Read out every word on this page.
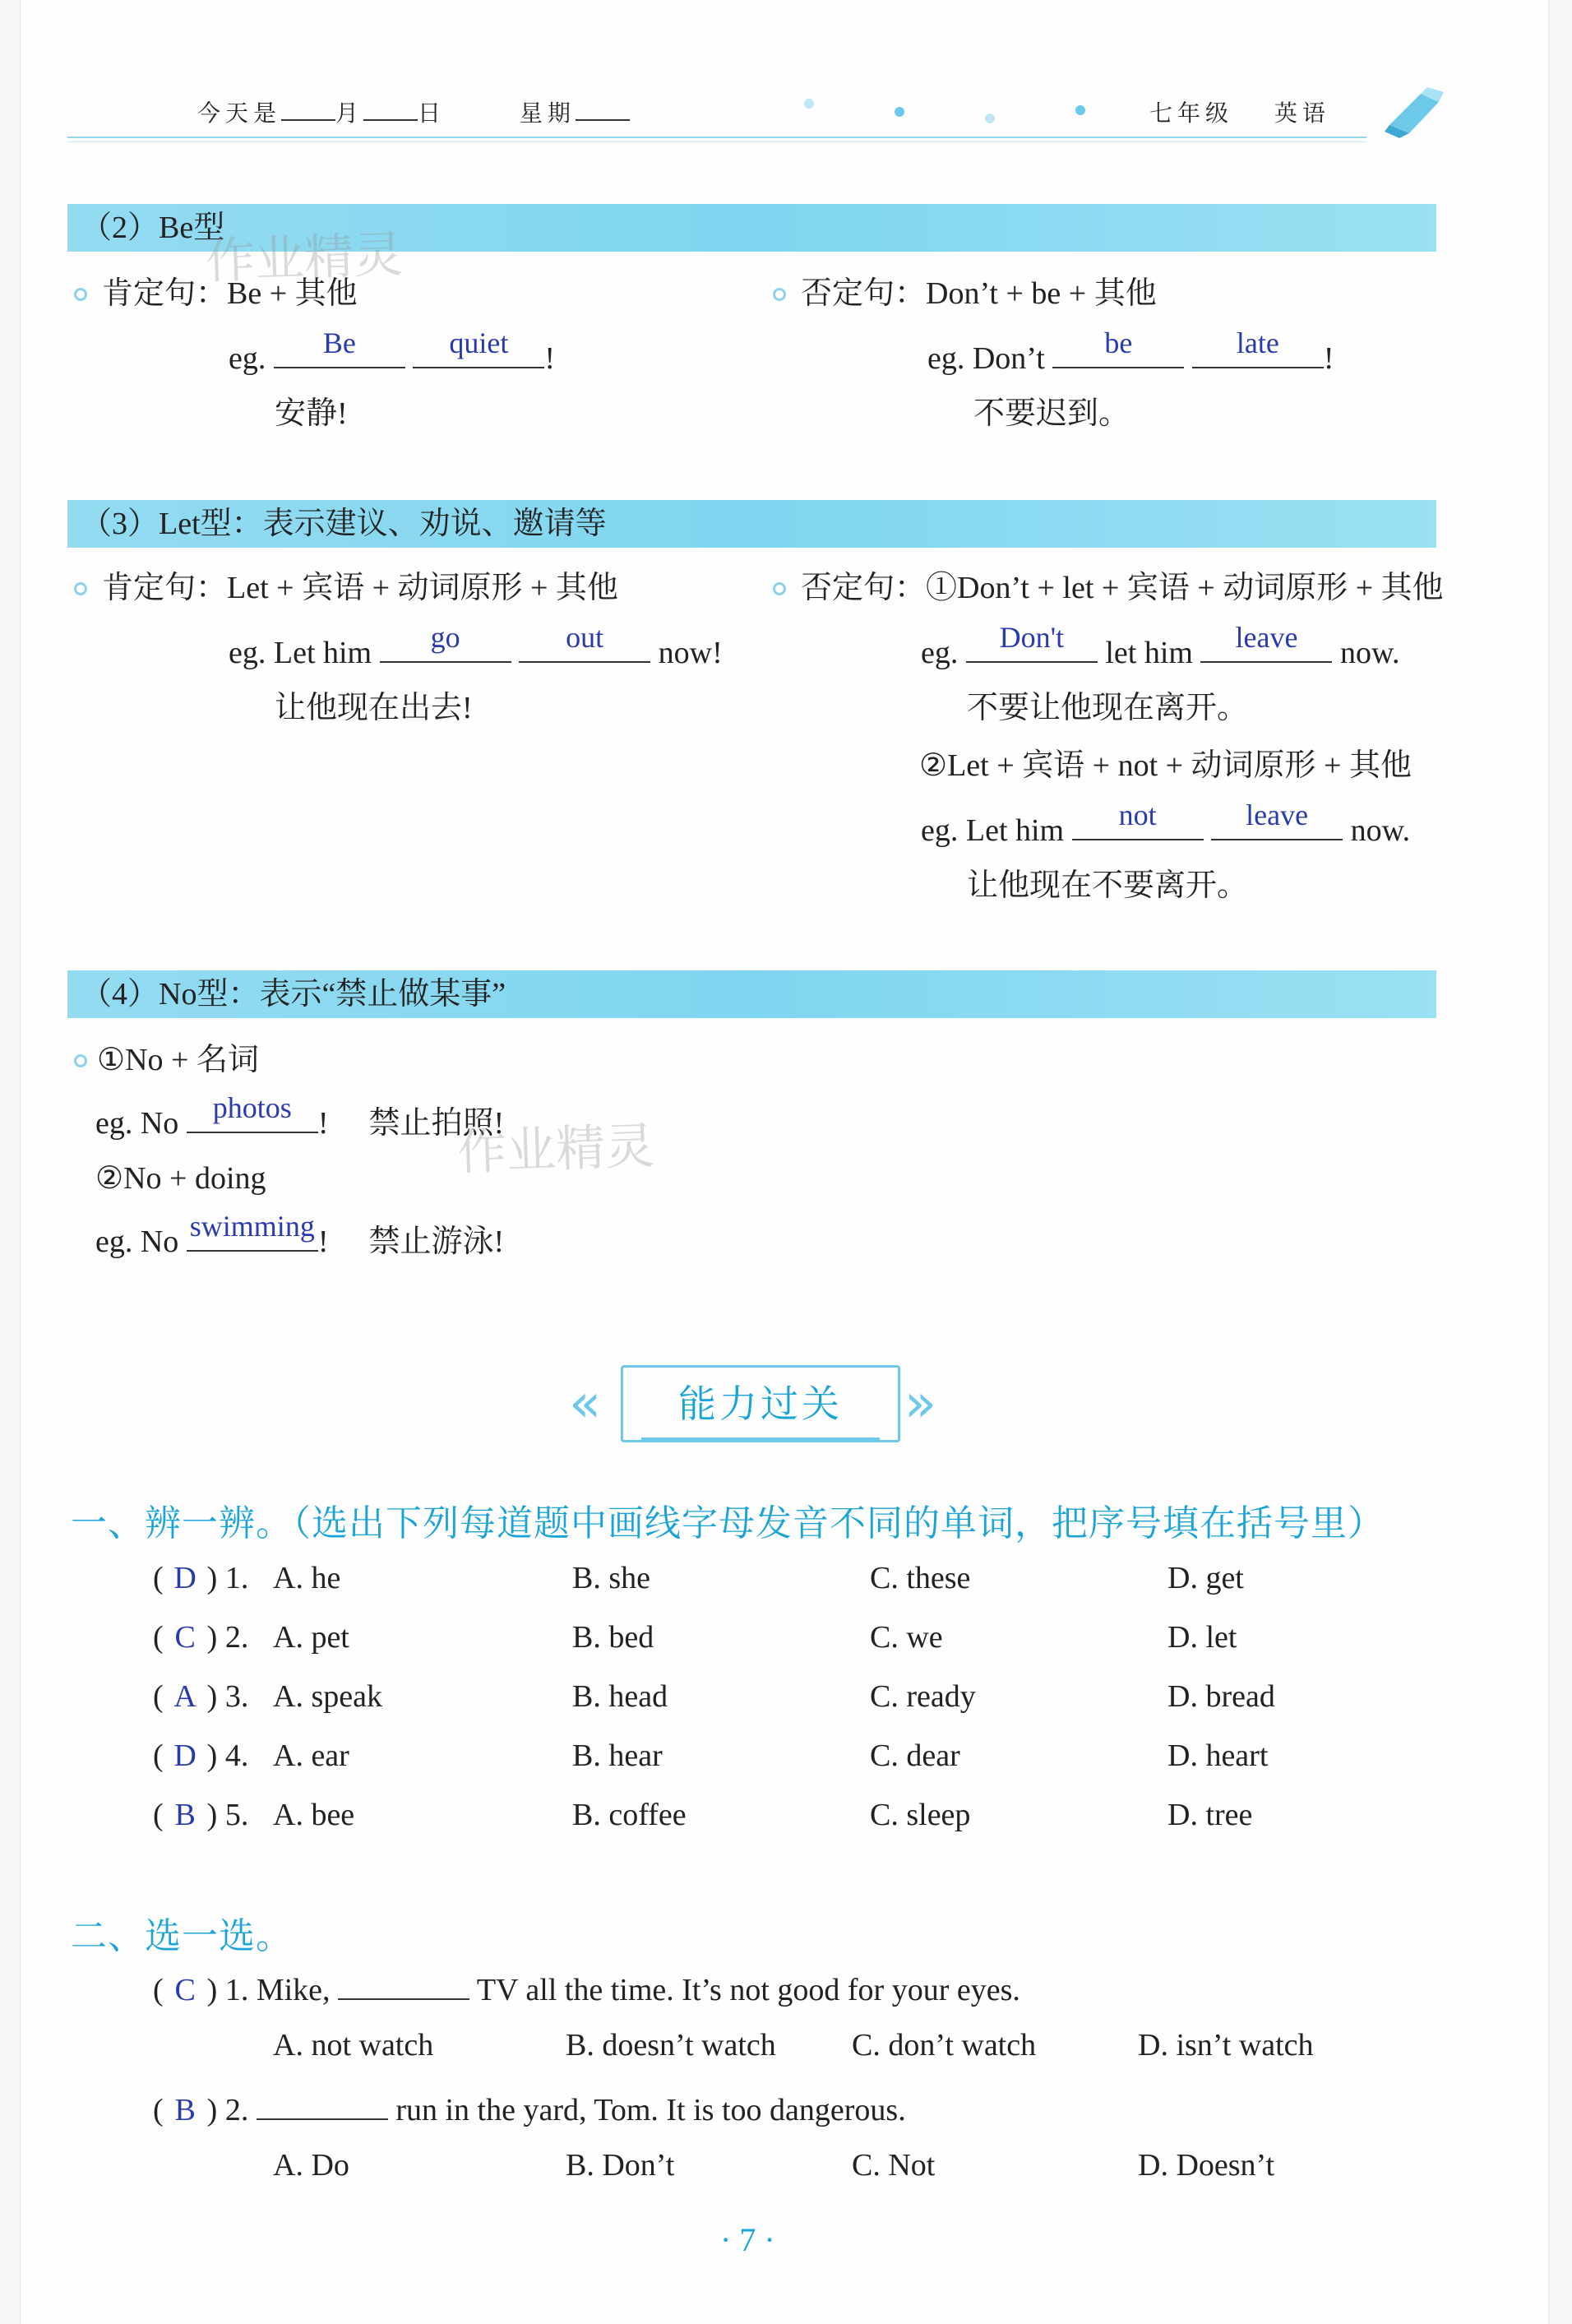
今天是 月 日	星期	七年级 英语
（2）Be型
作业精灵
肯定句：Be + 其他
eg.	Be
	quiet	!
安静!
否定句：Don’t + be + 其他
eg. Don’t	be
	late	!
不要迟到。
（3）Let型：表示建议、劝说、邀请等
肯定句：Let + 宾语 + 动词原形 + 其他
eg. Let him	go
	out	now!
让他现在出去!
否定句：①Don’t + let + 宾语 + 动词原形 + 其他
eg.	Don't	let him	leave	now.
不要让他现在离开。
②Let + 宾语 + not + 动词原形 + 其他
eg. Let him	not
	leave	now.
让他现在不要离开。
（4）No型：表示“禁止做某事”
①No + 名词
eg. No	photos ! 禁止拍照!
作业精灵
②No + doing
eg. No swimming ! 禁止游泳!
«	能力过关	»
一、辨一辨。（选出下列每道题中画线字母发音不同的单词，把序号填在括号里）
( D ) 1. A. he	B. she	C. these	D. get
( C ) 2. A. pet	B. bed	C. we	D. let
( A ) 3. A. speak	B. head	C. ready	D. bread
( D ) 4. A. ear	B. hear	C. dear	D. heart
( B ) 5. A. bee	B. coffee	C. sleep	D. tree
二、选一选。
( C ) 1. Mike,	TV all the time. It’s not good for your eyes.
A. not watch	B. doesn’t watch C. don’t watch	D. isn’t watch
( B ) 2.	run in the yard, Tom. It is too dangerous.
A. Do	B. Don’t	C. Not	D. Doesn’t
· 7 ·
